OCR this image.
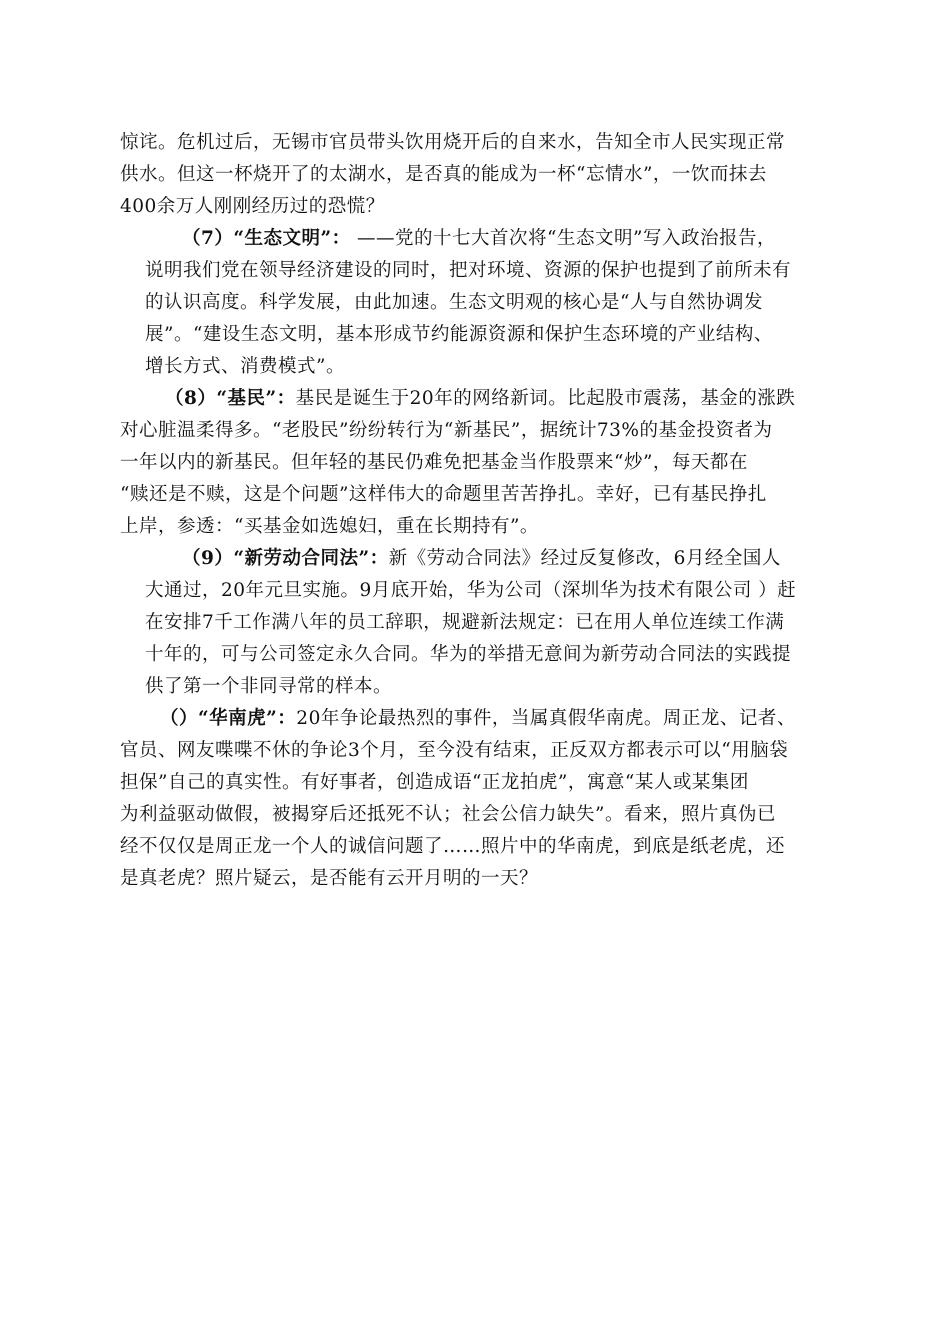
惊诧。危机过后，无锡市官员带头饮用烧开后的自来水，告知全市人民实现正常
供水。但这一杯烧开了的太湖水，是否真的能成为一杯“忘情水”，一饮而抹去
400余万人刚刚经历过的恐慌？
（7）“生态文明”： ——党的十七大首次将“生态文明”写入政治报告，
说明我们党在领导经济建设的同时，把对环境、资源的保护也提到了前所未有
的认识高度。科学发展，由此加速。生态文明观的核心是“人与自然协调发
展”。“建设生态文明，基本形成节约能源资源和保护生态环境的产业结构、
增长方式、消费模式”。
（8）“基民”：基民是诞生于20年的网络新词。比起股市震荡，基金的涨跌
对心脏温柔得多。“老股民”纷纷转行为“新基民”，据统计73%的基金投资者为
一年以内的新基民。但年轻的基民仍难免把基金当作股票来“炒”，每天都在
“赎还是不赎，这是个问题”这样伟大的命题里苦苦挣扎。幸好，已有基民挣扎
上岸，参透：“买基金如选媳妇，重在长期持有”。
（9）“新劳动合同法”：新《劳动合同法》经过反复修改，6月经全国人
大通过，20年元旦实施。9月底开始，华为公司（深圳华为技术有限公司 ）赶
在安排7千工作满八年的员工辞职，规避新法规定：已在用人单位连续工作满
十年的，可与公司签定永久合同。华为的举措无意间为新劳动合同法的实践提
供了第一个非同寻常的样本。
（）“华南虎”：20年争论最热烈的事件，当属真假华南虎。周正龙、记者、
官员、网友喋喋不休的争论3个月，至今没有结束，正反双方都表示可以“用脑袋
担保”自己的真实性。有好事者，创造成语“正龙拍虎”，寓意“某人或某集团
为利益驱动做假，被揭穿后还抵死不认；社会公信力缺失”。看来，照片真伪已
经不仅仅是周正龙一个人的诚信问题了……照片中的华南虎，到底是纸老虎，还
是真老虎？照片疑云，是否能有云开月明的一天？
